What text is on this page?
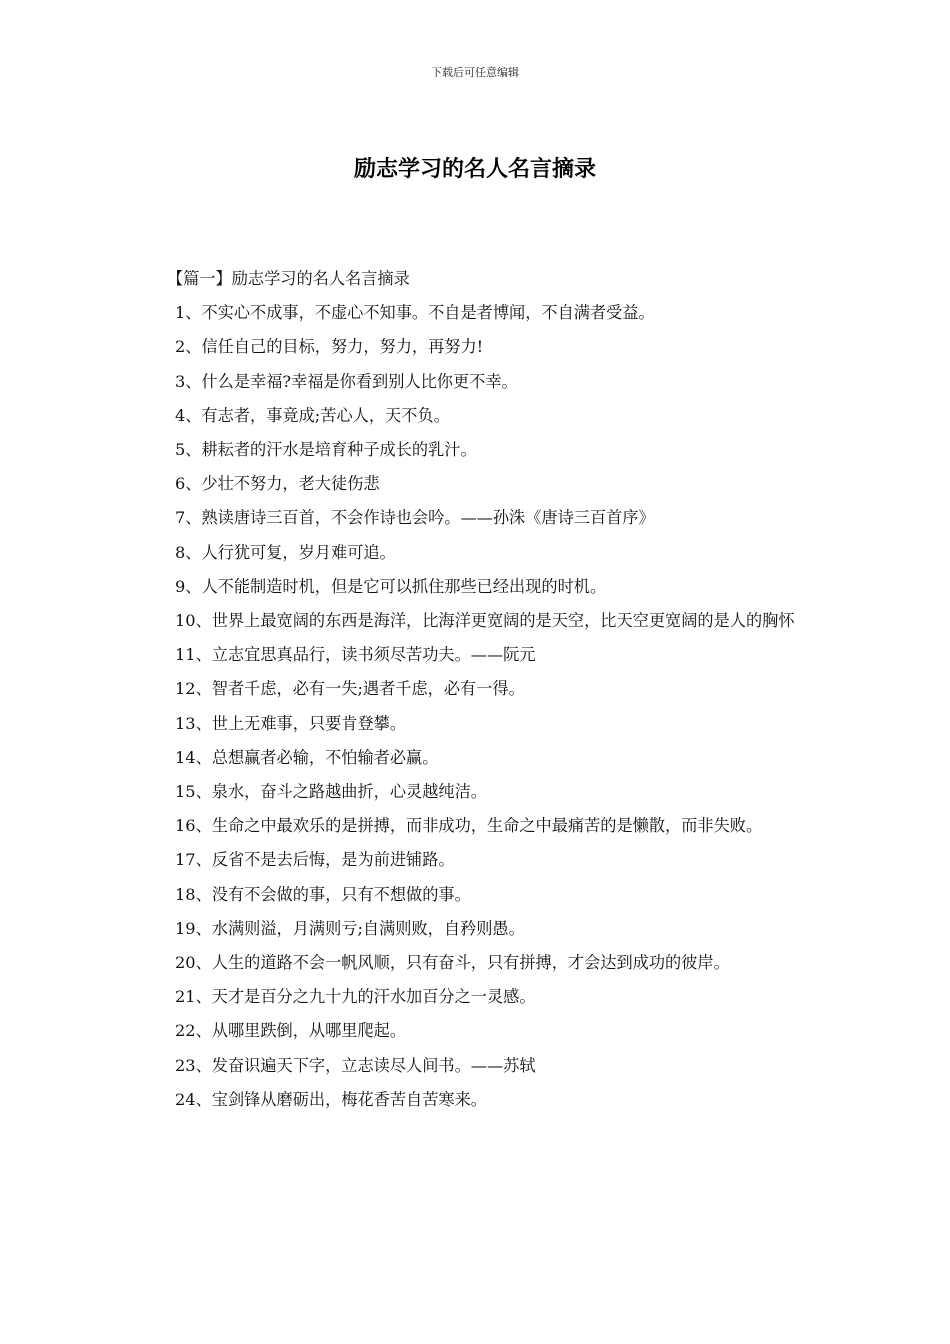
下载后可任意编辑
励志学习的名人名言摘录

【篇一】励志学习的名人名言摘录

1、不实心不成事，不虚心不知事。不自是者博闻，不自满者受益。

2、信任自己的目标，努力，努力，再努力!

3、什么是幸福?幸福是你看到别人比你更不幸。

4、有志者，事竟成;苦心人，天不负。

5、耕耘者的汗水是培育种子成长的乳汁。

6、少壮不努力，老大徒伤悲

7、熟读唐诗三百首，不会作诗也会吟。——孙洙《唐诗三百首序》

8、人行犹可复，岁月难可追。

9、人不能制造时机，但是它可以抓住那些已经出现的时机。

10、世界上最宽阔的东西是海洋，比海洋更宽阔的是天空，比天空更宽阔的是人的胸怀

11、立志宜思真品行，读书须尽苦功夫。——阮元

12、智者千虑，必有一失;遇者千虑，必有一得。

13、世上无难事，只要肯登攀。

14、总想赢者必输，不怕输者必赢。

15、泉水，奋斗之路越曲折，心灵越纯洁。

16、生命之中最欢乐的是拼搏，而非成功，生命之中最痛苦的是懒散，而非失败。

17、反省不是去后悔，是为前进铺路。

18、没有不会做的事，只有不想做的事。

19、水满则溢，月满则亏;自满则败，自矜则愚。

20、人生的道路不会一帆风顺，只有奋斗，只有拼搏，才会达到成功的彼岸。

21、天才是百分之九十九的汗水加百分之一灵感。

22、从哪里跌倒，从哪里爬起。

23、发奋识遍天下字，立志读尽人间书。——苏轼

24、宝剑锋从磨砺出，梅花香苦自苦寒来。
